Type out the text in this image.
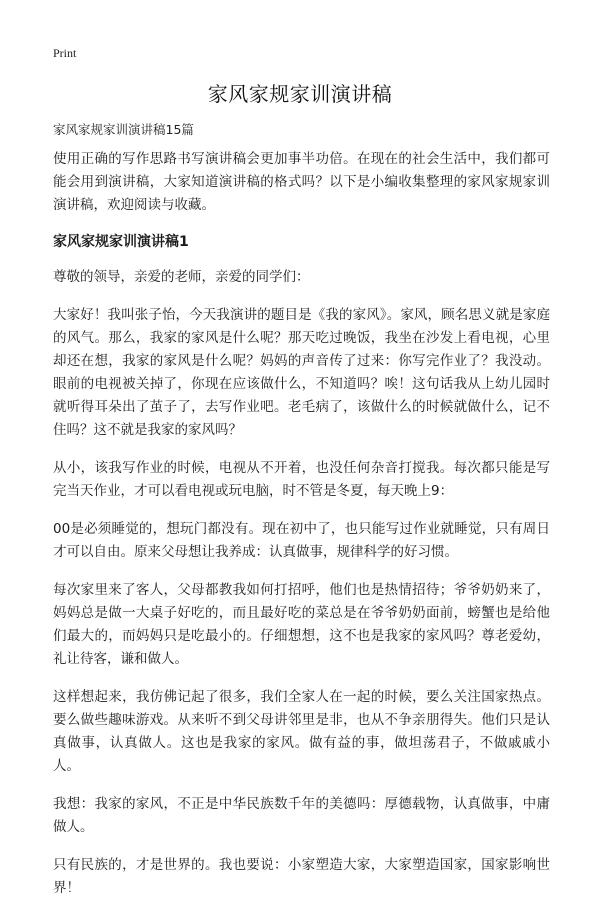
Print
家风家规家训演讲稿
家风家规家训演讲稿15篇

使用正确的写作思路书写演讲稿会更加事半功倍。在现在的社会生活中，我们都可能会用到演讲稿，大家知道演讲稿的格式吗？以下是小编收集整理的家风家规家训演讲稿，欢迎阅读与收藏。

家风家规家训演讲稿1

尊敬的领导，亲爱的老师，亲爱的同学们：

大家好！我叫张子怡，今天我演讲的题目是《我的家风》。家风，顾名思义就是家庭的风气。那么，我家的家风是什么呢？那天吃过晚饭，我坐在沙发上看电视，心里却还在想，我家的家风是什么呢？妈妈的声音传了过来：你写完作业了？我没动。眼前的电视被关掉了，你现在应该做什么，不知道吗？唉！这句话我从上幼儿园时就听得耳朵出了茧子了，去写作业吧。老毛病了，该做什么的时候就做什么，记不住吗？这不就是我家的家风吗？

从小，该我写作业的时候，电视从不开着，也没任何杂音打搅我。每次都只能是写完当天作业，才可以看电视或玩电脑，时不管是冬夏，每天晚上9：

00是必须睡觉的，想玩门都没有。现在初中了，也只能写过作业就睡觉，只有周日才可以自由。原来父母想让我养成：认真做事，规律科学的好习惯。

每次家里来了客人，父母都教我如何打招呼，他们也是热情招待；爷爷奶奶来了，妈妈总是做一大桌子好吃的，而且最好吃的菜总是在爷爷奶奶面前，螃蟹也是给他们最大的，而妈妈只是吃最小的。仔细想想，这不也是我家的家风吗？尊老爱幼，礼让待客，谦和做人。

这样想起来，我仿佛记起了很多，我们全家人在一起的时候，要么关注国家热点。要么做些趣味游戏。从来听不到父母讲邻里是非，也从不争亲朋得失。他们只是认真做事，认真做人。这也是我家的家风。做有益的事，做坦荡君子，不做戚戚小人。

我想：我家的家风，不正是中华民族数千年的美德吗：厚德载物，认真做事，中庸做人。

只有民族的，才是世界的。我也要说：小家塑造大家，大家塑造国家，国家影响世界！
